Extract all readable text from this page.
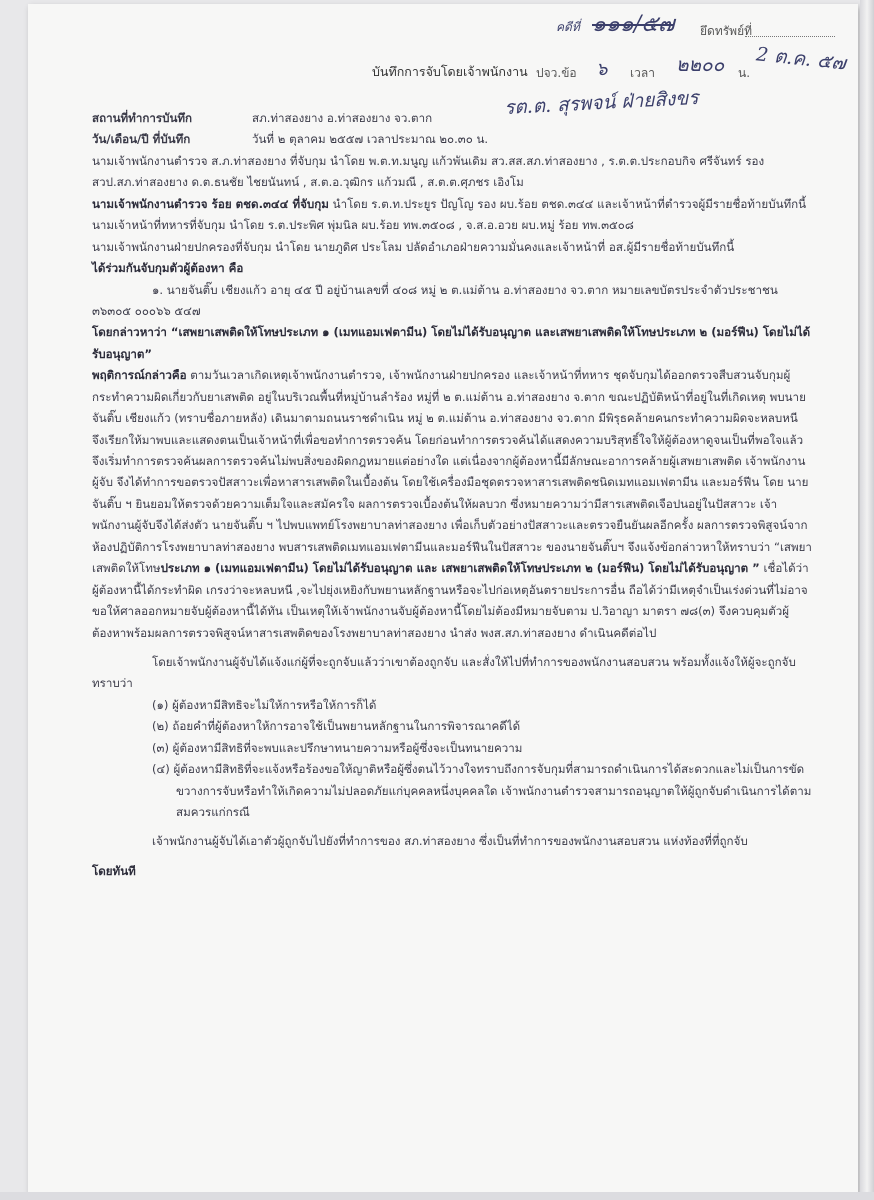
คดีที่ ๑๑๑/๕๗ ยึดทรัพย์ที่
ปจว.ข้อ ๖ เวลา ๒๒๐๐ น. 2 ต.ค. ๕๗
รต.ต. สุรพจน์ ฝ่ายสิงขร
บันทึกการจับโดยเจ้าพนักงาน
สถานที่ทำการบันทึก	สภ.ท่าสองยาง อ.ท่าสองยาง จว.ตาก
วัน/เดือน/ปี ที่บันทึก	วันที่ ๒ ตุลาคม ๒๕๕๗ เวลาประมาณ ๒๐.๓๐ น.

นามเจ้าพนักงานตำรวจ ส.ภ.ท่าสองยาง ที่จับกุม นำโดย พ.ต.ท.มนูญ แก้วพันเดิม สว.สส.สภ.ท่าสองยาง , ร.ต.ต.ประกอบกิจ ศรีจันทร์ รอง สวป.สภ.ท่าสองยาง ด.ต.ธนชัย ไชยนันทน์ , ส.ต.อ.วุฒิกร แก้วมณี , ส.ต.ต.ศุภชร เอิงโม

นามเจ้าพนักงานตำรวจ ร้อย ตชด.๓๔๔ ที่จับกุม นำโดย ร.ต.ท.ประยูร ปัญโญ รอง ผบ.ร้อย ตชด.๓๔๔ และเจ้าหน้าที่ตำรวจผู้มีรายชื่อท้ายบันทึกนี้

นามเจ้าหน้าที่ทหารที่จับกุม นำโดย ร.ต.ประพิศ พุ่มนิล ผบ.ร้อย ทพ.๓๕๐๘ , จ.ส.อ.อวย ผบ.หมู่ ร้อย ทพ.๓๕๐๘

นามเจ้าพนักงานฝ่ายปกครองที่จับกุม นำโดย นายภูดิศ ประโลม ปลัดอำเภอฝ่ายความมั่นคงและเจ้าหน้าที่ อส.ผู้มีรายชื่อท้ายบันทึกนี้

ได้ร่วมกันจับกุมตัวผู้ต้องหา คือ

๑. นายจันติ๊บ เชียงแก้ว อายุ ๔๕ ปี อยู่บ้านเลขที่ ๔๐๘ หมู่ ๒ ต.แม่ต้าน อ.ท่าสองยาง จว.ตาก หมายเลขบัตรประจำตัวประชาชน ๓๖๓๐๕ ๐๐๐๖๖ ๕๔๗

โดยกล่าวหาว่า “เสพยาเสพติดให้โทษประเภท ๑ (เมทแอมเฟตามีน) โดยไม่ได้รับอนุญาต และเสพยาเสพติดให้โทษประเภท ๒ (มอร์ฟีน) โดยไม่ได้รับอนุญาต”

พฤติการณ์กล่าวคือ ตามวันเวลาเกิดเหตุเจ้าพนักงานตำรวจ, เจ้าพนักงานฝ่ายปกครอง และเจ้าหน้าที่ทหาร ชุดจับกุมได้ออกตรวจสืบสวนจับกุมผู้กระทำความผิดเกี่ยวกับยาเสพติด อยู่ในบริเวณพื้นที่หมู่บ้านลำร้อง หมู่ที่ ๒ ต.แม่ต้าน อ.ท่าสองยาง จ.ตาก ขณะปฏิบัติหน้าที่อยู่ในที่เกิดเหตุ พบนายจันติ๊บ เชียงแก้ว (ทราบชื่อภายหลัง) เดินมาตามถนนราชดำเนิน หมู่ ๒ ต.แม่ต้าน อ.ท่าสองยาง จว.ตาก มีพิรุธคล้ายคนกระทำความผิดจะหลบหนี จึงเรียกให้มาพบและแสดงตนเป็นเจ้าหน้าที่เพื่อขอทำการตรวจค้น โดยก่อนทำการตรวจค้นได้แสดงความบริสุทธิ์ใจให้ผู้ต้องหาดูจนเป็นที่พอใจแล้ว จึงเริ่มทำการตรวจค้นผลการตรวจค้นไม่พบสิ่งของผิดกฎหมายแต่อย่างใด แต่เนื่องจากผู้ต้องหานี้มีลักษณะอาการคล้ายผู้เสพยาเสพติด เจ้าพนักงานผู้จับ จึงได้ทำการขอตรวจปัสสาวะเพื่อหาสารเสพติดในเบื้องต้น โดยใช้เครื่องมือชุดตรวจหาสารเสพติดชนิดเมทแอมเฟตามีน และมอร์ฟีน โดย นายจันติ๊บ ฯ ยินยอมให้ตรวจด้วยความเต็มใจและสมัครใจ ผลการตรวจเบื้องต้นให้ผลบวก ซึ่งหมายความว่ามีสารเสพติดเจือปนอยู่ในปัสสาวะ เจ้าพนักงานผู้จับจึงได้ส่งตัว นายจันติ๊บ ฯ ไปพบแพทย์โรงพยาบาลท่าสองยาง เพื่อเก็บตัวอย่างปัสสาวะและตรวจยืนยันผลอีกครั้ง ผลการตรวจพิสูจน์จากห้องปฏิบัติการโรงพยาบาลท่าสองยาง พบสารเสพติดเมทแอมเฟตามีนและมอร์ฟีนในปัสสาวะ ของนายจันติ๊บฯ จึงแจ้งข้อกล่าวหาให้ทราบว่า “เสพยาเสพติดให้โทษประเภท ๑ (เมทแอมเฟตามีน) โดยไม่ได้รับอนุญาต และ เสพยาเสพติดให้โทษประเภท ๒ (มอร์ฟีน) โดยไม่ได้รับอนุญาต ” เชื่อได้ว่าผู้ต้องหานี้ได้กระทำผิด เกรงว่าจะหลบหนี ,จะไปยุ่งเหยิงกับพยานหลักฐานหรือจะไปก่อเหตุอันตรายประการอื่น ถือได้ว่ามีเหตุจำเป็นเร่งด่วนที่ไม่อาจขอให้ศาลออกหมายจับผู้ต้องหานี้ได้ทัน เป็นเหตุให้เจ้าพนักงานจับผู้ต้องหานี้โดยไม่ต้องมีหมายจับตาม ป.วิอาญา มาตรา ๗๘(๓) จึงควบคุมตัวผู้ต้องหาพร้อมผลการตรวจพิสูจน์หาสารเสพติดของโรงพยาบาลท่าสองยาง นำส่ง พงส.สภ.ท่าสองยาง ดำเนินคดีต่อไป

โดยเจ้าพนักงานผู้จับได้แจ้งแก่ผู้ที่จะถูกจับแล้วว่าเขาต้องถูกจับ และสั่งให้ไปที่ทำการของพนักงานสอบสวน พร้อมทั้งแจ้งให้ผู้จะถูกจับทราบว่า

(๑) ผู้ต้องหามีสิทธิจะไม่ให้การหรือให้การก็ได้
(๒) ถ้อยคำที่ผู้ต้องหาให้การอาจใช้เป็นพยานหลักฐานในการพิจารณาคดีได้
(๓) ผู้ต้องหามีสิทธิที่จะพบและปรึกษาทนายความหรือผู้ซึ่งจะเป็นทนายความ
(๔) ผู้ต้องหามีสิทธิที่จะแจ้งหรือร้องขอให้ญาติหรือผู้ซึ่งตนไว้วางใจทราบถึงการจับกุมที่สามารถดำเนินการได้สะดวกและไม่เป็นการขัดขวางการจับหรือทำให้เกิดความไม่ปลอดภัยแก่บุคคลหนึ่งบุคคลใด เจ้าพนักงานตำรวจสามารถอนุญาตให้ผู้ถูกจับดำเนินการได้ตามสมควรแก่กรณี

เจ้าพนักงานผู้จับได้เอาตัวผู้ถูกจับไปยังที่ทำการของ สภ.ท่าสองยาง ซึ่งเป็นที่ทำการของพนักงานสอบสวน แห่งท้องที่ที่ถูกจับ

โดยทันที
